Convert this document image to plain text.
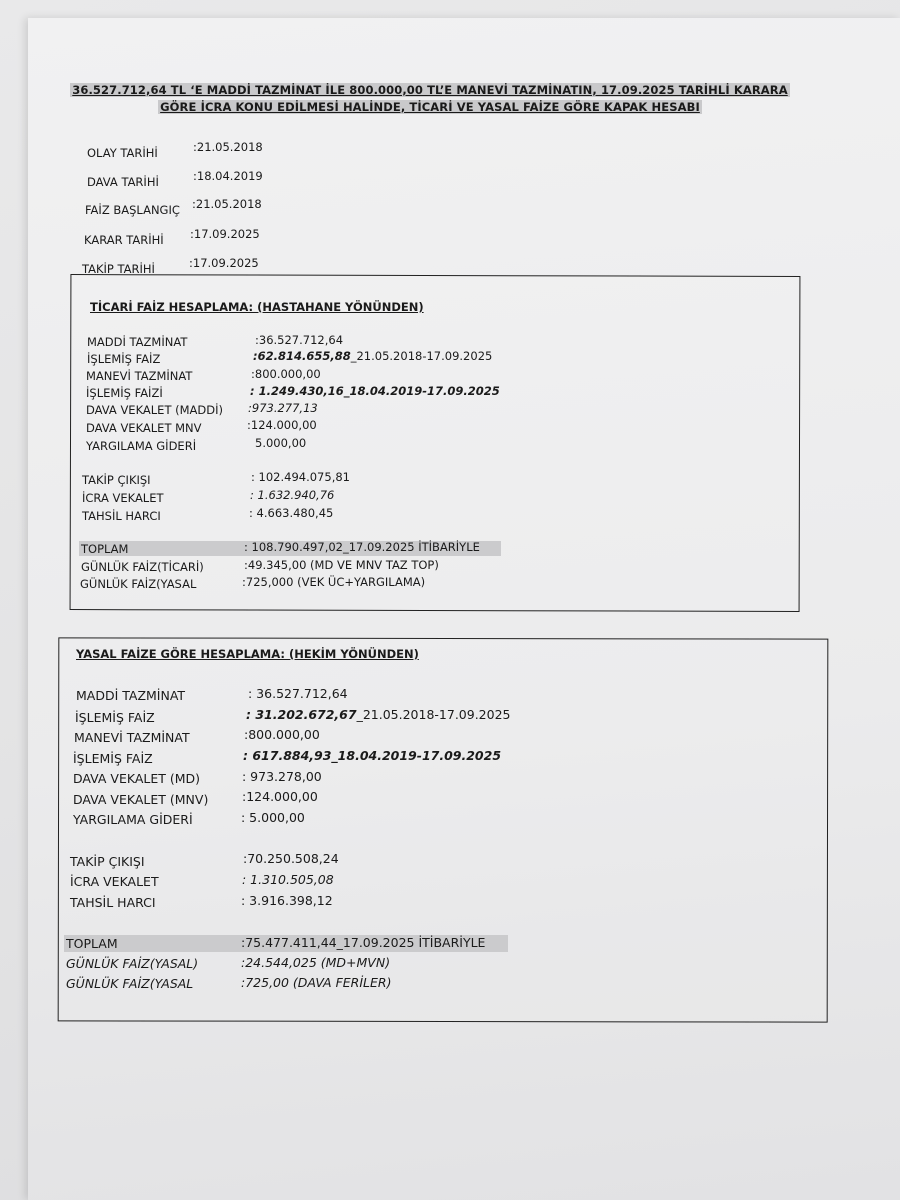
36.527.712,64 TL ‘E MADDİ TAZMİNAT İLE 800.000,00 TL’E MANEVİ TAZMİNATIN, 17.09.2025 TARİHLİ KARARA
GÖRE İCRA KONU EDİLMESİ HALİNDE, TİCARİ VE YASAL FAİZE GÖRE KAPAK HESABI
OLAY TARİHİ	:21.05.2018
DAVA TARİHİ	:18.04.2019
FAİZ BAŞLANGIÇ :21.05.2018
KARAR TARİHİ :17.09.2025
TAKİP TARİHİ	:17.09.2025
TİCARİ FAİZ HESAPLAMA: (HASTAHANE YÖNÜNDEN)
MADDİ TAZMİNAT	:36.527.712,64
İŞLEMİŞ FAİZ	:62.814.655,88_21.05.2018-17.09.2025
MANEVİ TAZMİNAT	:800.000,00
İŞLEMİŞ FAİZİ	: 1.249.430,16_18.04.2019-17.09.2025
DAVA VEKALET (MADDİ) :973.277,13
DAVA VEKALET MNV	:124.000,00
YARGILAMA GİDERİ	5.000,00
TAKİP ÇIKIŞI	: 102.494.075,81
İCRA VEKALET	: 1.632.940,76
TAHSİL HARCI	: 4.663.480,45
TOPLAM	: 108.790.497,02_17.09.2025 İTİBARİYLE
GÜNLÜK FAİZ(TİCARİ)	:49.345,00 (MD VE MNV TAZ TOP)
GÜNLÜK FAİZ(YASAL	:725,000 (VEK ÜC+YARGILAMA)
YASAL FAİZE GÖRE HESAPLAMA: (HEKİM YÖNÜNDEN)
MADDİ TAZMİNAT	: 36.527.712,64
İŞLEMİŞ FAİZ	: 31.202.672,67_21.05.2018-17.09.2025
MANEVİ TAZMİNAT	:800.000,00
İŞLEMİŞ FAİZ	: 617.884,93_18.04.2019-17.09.2025
DAVA VEKALET (MD)	: 973.278,00
DAVA VEKALET (MNV)	:124.000,00
YARGILAMA GİDERİ	: 5.000,00
TAKİP ÇIKIŞI	:70.250.508,24
İCRA VEKALET	: 1.310.505,08
TAHSİL HARCI	: 3.916.398,12
TOPLAM	:75.477.411,44_17.09.2025 İTİBARİYLE
GÜNLÜK FAİZ(YASAL)	:24.544,025 (MD+MVN)
GÜNLÜK FAİZ(YASAL	:725,00 (DAVA FERİLER)
